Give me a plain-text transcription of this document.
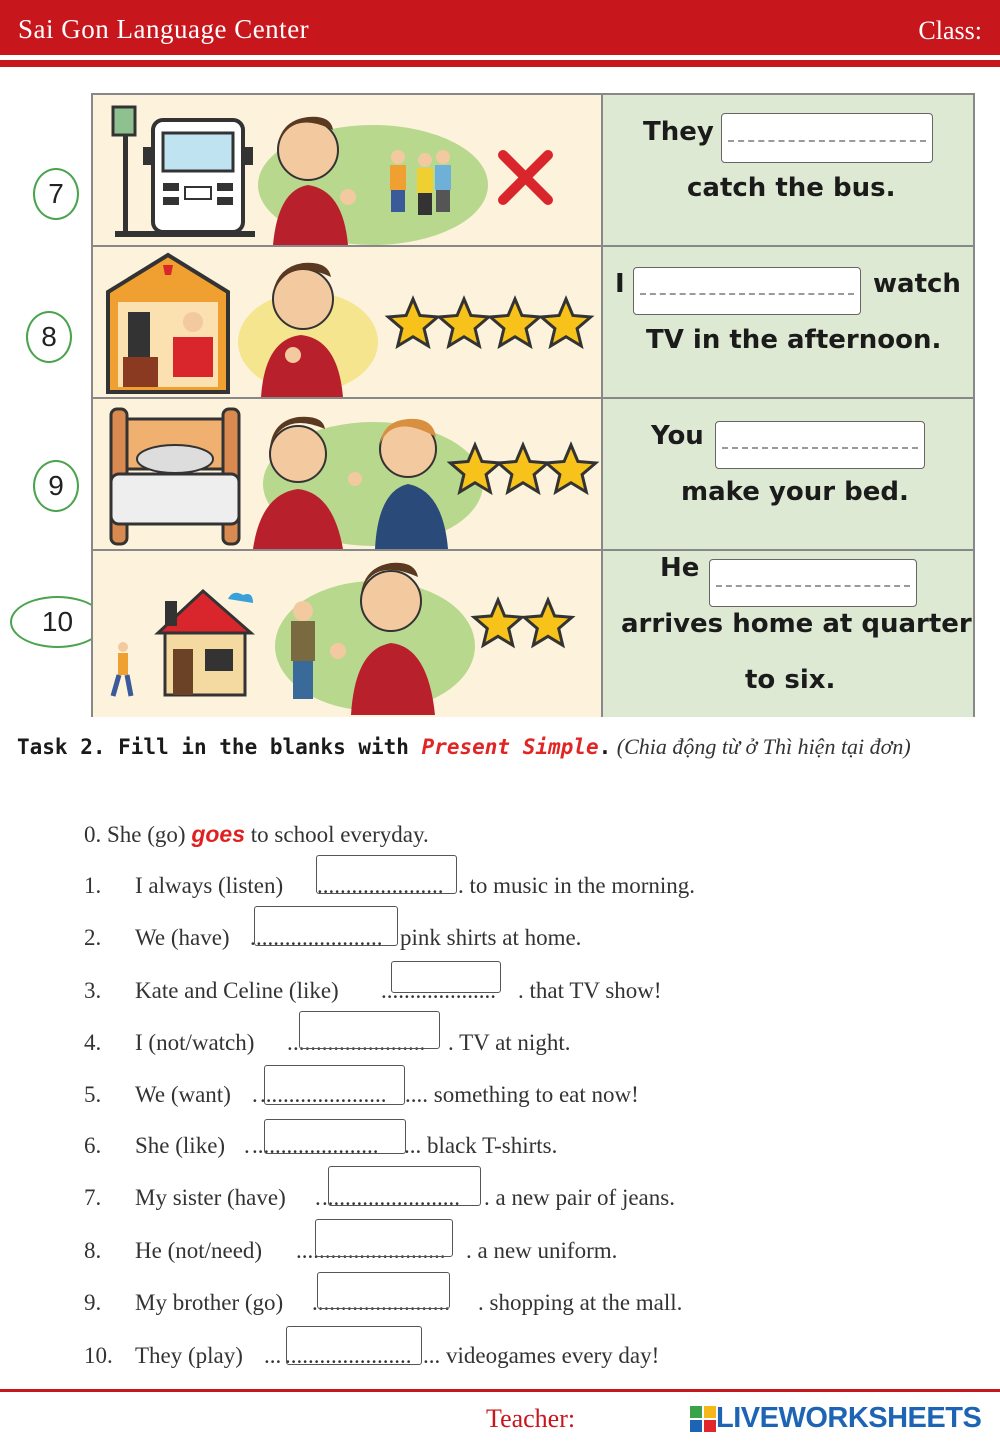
Sai Gon Language Center	Class:
7
8
9
10
They
catch the bus.
I	watch
TV in the afternoon.
You
make your bed.
He
arrives home at quarter
to six.
Task 2. Fill in the blanks with Present Simple. (Chia động từ ở Thì hiện tại đơn)
0. She (go) goes to school everyday.
1. I always (listen) ...................... . to music in the morning.
2. We (have) . ...................... pink shirts at home.
3. Kate and Celine (like) .................... . that TV show!
4. I (not/watch) . ....................... . TV at night.
5. We (want) . ...................... .... something to eat now!
6. She (like) . ...................... ... black T-shirts.
7. My sister (have) . ........................ . a new pair of jeans.
8. He (not/need) .......................... . a new uniform.
9. My brother (go) ........................ . shopping at the mall.
10. They (play) ... ...................... ... videogames every day!
Teacher:	LIVEWORKSHEETS
